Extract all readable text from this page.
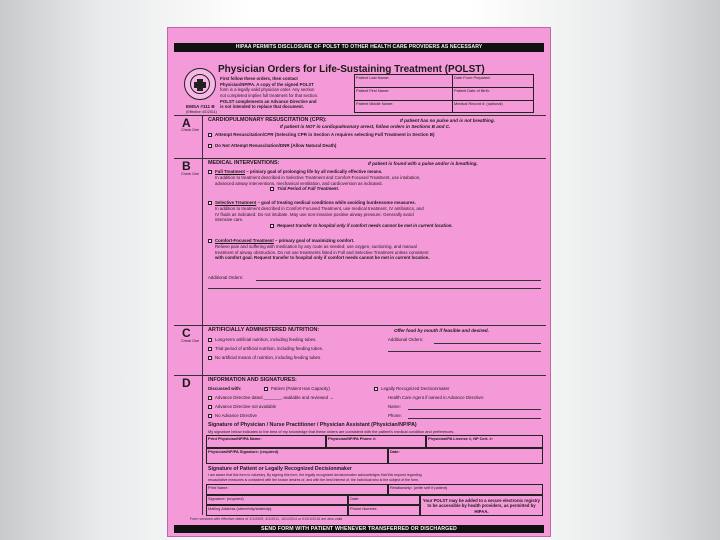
HIPAA PERMITS DISCLOSURE OF POLST TO OTHER HEALTH CARE PROVIDERS AS NECESSARY
EMSA #111 B
(Effective 4/1/2011)
Physician Orders for Life-Sustaining Treatment (POLST)
First follow these orders, then contact
Physician/NP/PA. A copy of the signed POLST
form is a legally valid physician order. Any section
not completed implies full treatment for that section.
POLST complements an Advance Directive and
is not intended to replace that document.
Patient Last Name:	Date Form Prepared:
Patient First Name:	Patient Date of Birth:
Patient Middle Name:	Medical Record #: (optional)
A
Check One
CARDIOPULMONARY RESUSCITATION (CPR):	If patient has no pulse and is not breathing.
If patient is NOT in cardiopulmonary arrest, follow orders in Sections B and C.
Attempt Resuscitation/CPR (Selecting CPR in Section A requires selecting Full Treatment in Section B)
Do Not Attempt Resuscitation/DNR (Allow Natural Death)
B
Check One
MEDICAL INTERVENTIONS:	If patient is found with a pulse and/or is breathing.
Full Treatment – primary goal of prolonging life by all medically effective means.
In addition to treatment described in Selective Treatment and Comfort-Focused Treatment, use intubation,
advanced airway interventions, mechanical ventilation, and cardioversion as indicated.
Trial Period of Full Treatment.
Selective Treatment – goal of treating medical conditions while avoiding burdensome measures.
In addition to treatment described in Comfort-Focused Treatment, use medical treatment, IV antibiotics, and
IV fluids as indicated. Do not intubate. May use non-invasive positive airway pressure. Generally avoid
intensive care.
Request transfer to hospital only if comfort needs cannot be met in current location.
Comfort-Focused Treatment – primary goal of maximizing comfort.
Relieve pain and suffering with medication by any route as needed; use oxygen, suctioning, and manual
treatment of airway obstruction. Do not use treatments listed in Full and Selective Treatment unless consistent
with comfort goal. Request transfer to hospital only if comfort needs cannot be met in current location.
Additional Orders:
C
Check One
ARTIFICIALLY ADMINISTERED NUTRITION:	Offer food by mouth if feasible and desired.
Long-term artificial nutrition, including feeding tubes.
Trial period of artificial nutrition, including feeding tubes.
No artificial means of nutrition, including feeding tubes.
Additional Orders:
D	INFORMATION AND SIGNATURES:
Discussed with:	Patient (Patient Has Capacity)	Legally Recognized Decisionmaker
Advance Directive dated _______, available and reviewed →
Advance Directive not available
No Advance Directive
Health Care Agent if named in Advance Directive:
Name:
Phone:
Signature of Physician / Nurse Practitioner / Physician Assistant (Physician/NP/PA)
My signature below indicates to the best of my knowledge that these orders are consistent with the patient's medical condition and preferences.
Print Physician/NP/PA Name:	Physician/NP/PA Phone #:	Physician/PA License #, NP Cert. #:
Physician/NP/PA Signature: (required)	Date:
Signature of Patient or Legally Recognized Decisionmaker
I am aware that this form is voluntary. By signing this form, the legally recognized decisionmaker acknowledges that this request regarding
resuscitative measures is consistent with the known desires of, and with the best interest of, the individual who is the subject of the form.
Print Name:	Relationship: (write self if patient)
Signature: (required)	Date:
Mailing Address (street/city/state/zip):	Phone Number:
Your POLST may be added to a secure electronic registry to be accessible by health providers, as permitted by HIPAA.
Form versions with effective dates of 1/1/2009, 4/1/2011, 10/1/2014 or 01/01/2016 are also valid
SEND FORM WITH PATIENT WHENEVER TRANSFERRED OR DISCHARGED
